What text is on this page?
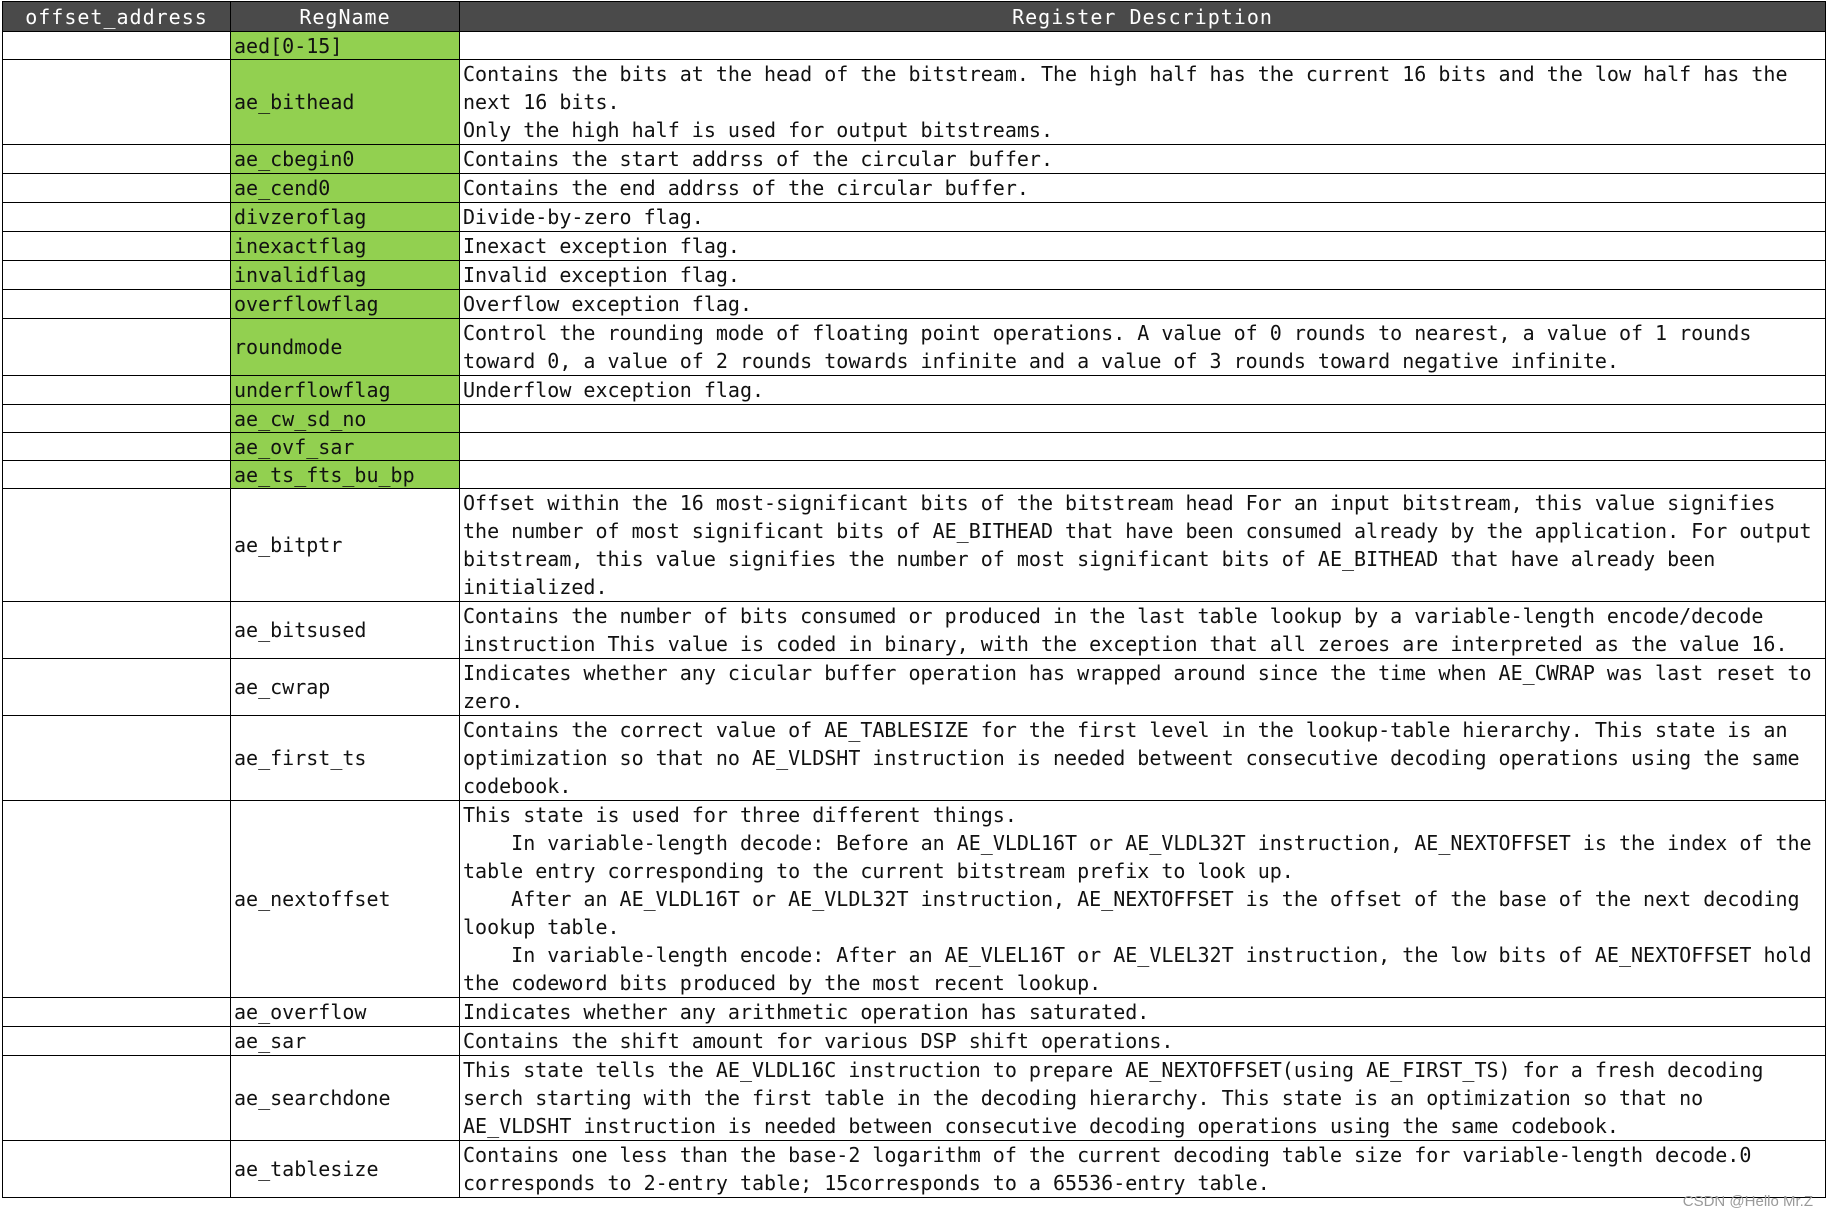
offset_address	RegName	Register Description
	aed[0-15]	
	ae_bithead	Contains the bits at the head of the bitstream. The high half has the current 16 bits and the low half has the next 16 bits.
Only the high half is used for output bitstreams.
	ae_cbegin0	Contains the start addrss of the circular buffer.
	ae_cend0	Contains the end addrss of the circular buffer.
	divzeroflag	Divide-by-zero flag.
	inexactflag	Inexact exception flag.
	invalidflag	Invalid exception flag.
	overflowflag	Overflow exception flag.
	roundmode	Control the rounding mode of floating point operations. A value of 0 rounds to nearest, a value of 1 rounds toward 0, a value of 2 rounds towards infinite and a value of 3 rounds toward negative infinite.
	underflowflag	Underflow exception flag.
	ae_cw_sd_no	
	ae_ovf_sar	
	ae_ts_fts_bu_bp	
	ae_bitptr	Offset within the 16 most-significant bits of the bitstream head For an input bitstream, this value signifies the number of most significant bits of AE_BITHEAD that have been consumed already by the application. For output bitstream, this value signifies the number of most significant bits of AE_BITHEAD that have already been initialized.
	ae_bitsused	Contains the number of bits consumed or produced in the last table lookup by a variable-length encode/decode instruction This value is coded in binary, with the exception that all zeroes are interpreted as the value 16.
	ae_cwrap	Indicates whether any cicular buffer operation has wrapped around since the time when AE_CWRAP was last reset to zero.
	ae_first_ts	Contains the correct value of AE_TABLESIZE for the first level in the lookup-table hierarchy. This state is an optimization so that no AE_VLDSHT instruction is needed betweent consecutive decoding operations using the same codebook.
	ae_nextoffset	This state is used for three different things.
In variable-length decode: Before an AE_VLDL16T or AE_VLDL32T instruction, AE_NEXTOFFSET is the index of the table entry corresponding to the current bitstream prefix to look up.
After an AE_VLDL16T or AE_VLDL32T instruction, AE_NEXTOFFSET is the offset of the base of the next decoding lookup table.
In variable-length encode: After an AE_VLEL16T or AE_VLEL32T instruction, the low bits of AE_NEXTOFFSET hold the codeword bits produced by the most recent lookup.
	ae_overflow	Indicates whether any arithmetic operation has saturated.
	ae_sar	Contains the shift amount for various DSP shift operations.
	ae_searchdone	This state tells the AE_VLDL16C instruction to prepare AE_NEXTOFFSET(using AE_FIRST_TS) for a fresh decoding serch starting with the first table in the decoding hierarchy. This state is an optimization so that no AE_VLDSHT instruction is needed between consecutive decoding operations using the same codebook.
	ae_tablesize	Contains one less than the base-2 logarithm of the current decoding table size for variable-length decode.0 corresponds to 2-entry table; 15corresponds to a 65536-entry table.
CSDN @Hello Mr.Z
